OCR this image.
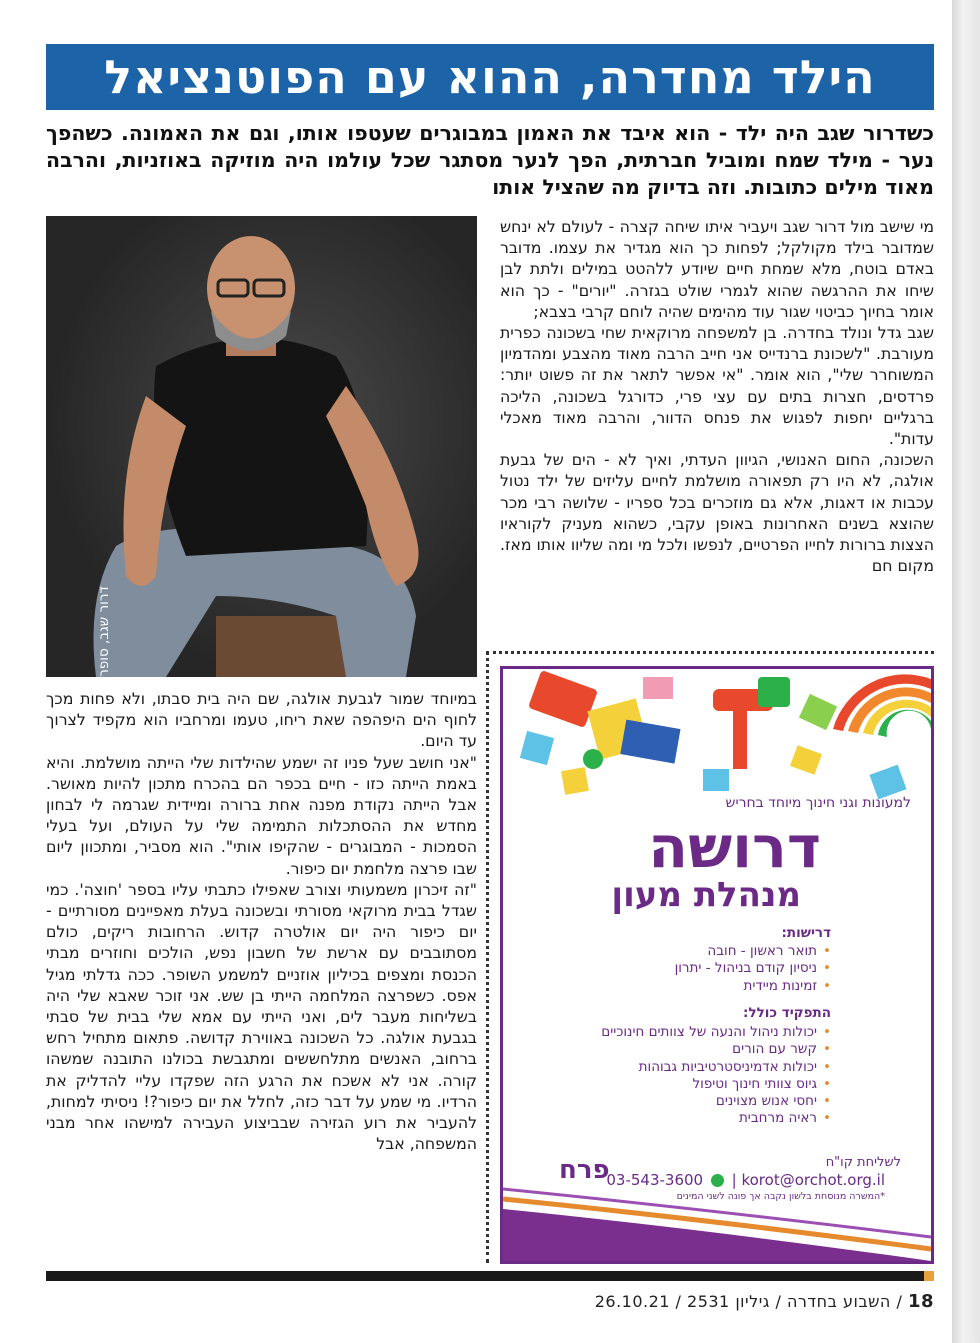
הילד מחדרה, ההוא עם הפוטנציאל
כשדרור שגב היה ילד - הוא איבד את האמון במבוגרים שעטפו אותו, וגם את האמונה. כשהפך נער - מילד שמח ומוביל חברתית, הפך לנער מסתגר שכל עולמו היה מוזיקה באוזניות, והרבה מאוד מילים כתובות. וזה בדיוק מה שהציל אותו
דרור שגב, סופר ומרצה. צילום: אלעד אקרמן

מי שישב מול דרור שגב ויעביר איתו שיחה קצרה - לעולם לא ינחש שמדובר בילד מקולקל; לפחות כך הוא מגדיר את עצמו. מדובר באדם בוטח, מלא שמחת חיים שיודע ללהטט במילים ולתת לבן שיחו את ההרגשה שהוא לגמרי שולט בגזרה. "יורים" - כך הוא אומר בחיוך כביטוי שגור עוד מהימים שהיה לוחם קרבי בצבא;

שגב גדל ונולד בחדרה. בן למשפחה מרוקאית שחי בשכונה כפרית מעורבת. "לשכונת ברנדייס אני חייב הרבה מאוד מהצבע ומהדמיון המשוחרר שלי", הוא אומר. "אי אפשר לתאר את זה פשוט יותר: פרדסים, חצרות בתים עם עצי פרי, כדורגל בשכונה, הליכה ברגליים יחפות לפגוש את פנחס הדוור, והרבה מאוד מאכלי עדות".

השכונה, החום האנושי, הגיוון העדתי, ואיך לא - הים של גבעת אולגה, לא היו רק תפאורה מושלמת לחיים עליזים של ילד נטול עכבות או דאגות, אלא גם מוזכרים בכל ספריו - שלושה רבי מכר שהוצא בשנים האחרונות באופן עקבי, כשהוא מעניק לקוראיו הצצות ברורות לחייו הפרטיים, לנפשו ולכל מי ומה שליוו אותו מאז. מקום חם

במיוחד שמור לגבעת אולגה, שם היה בית סבתו, ולא פחות מכך לחוף הים היפהפה שאת ריחו, טעמו ומרחביו הוא מקפיד לצרוך עד היום.

"אני חושב שעל פניו זה ישמע שהילדות שלי הייתה מושלמת. והיא באמת הייתה כזו - חיים בכפר הם בהכרח מתכון להיות מאושר. אבל הייתה נקודת מפנה אחת ברורה ומיידית שגרמה לי לבחון מחדש את ההסתכלות התמימה שלי על העולם, ועל בעלי הסמכות - המבוגרים - שהקיפו אותי". הוא מסביר, ומתכוון ליום שבו פרצה מלחמת יום כיפור.

"זה זיכרון משמעותי וצורב שאפילו כתבתי עליו בספר 'חוצה'. כמי שגדל בבית מרוקאי מסורתי ובשכונה בעלת מאפיינים מסורתיים - יום כיפור היה יום אולטרה קדוש. הרחובות ריקים, כולם מסתובבים עם ארשת של חשבון נפש, הולכים וחוזרים מבתי הכנסת ומצפים בכיליון אוזניים למשמע השופר. ככה גדלתי מגיל אפס. כשפרצה המלחמה הייתי בן שש. אני זוכר שאבא שלי היה בשליחות מעבר לים, ואני הייתי עם אמא שלי בבית של סבתי בגבעת אולגה. כל השכונה באווירת קדושה. פתאום מתחיל רחש ברחוב, האנשים מתלחששים ומתגבשת בכולנו התובנה שמשהו קורה. אני לא אשכח את הרגע הזה שפקדו עליי להדליק את הרדיו. מי שמע על דבר כזה, לחלל את יום כיפור?! ניסיתי למחות, להעביר את רוע הגזירה שבביצוע העבירה למישהו אחר מבני המשפחה, אבל

למעונות וגני חינוך מיוחד בחריש
דרושה
מנהלת מעון
דרישות:
• תואר ראשון - חובה
• ניסיון קודם בניהול - יתרון
• זמינות מיידית
התפקיד כולל:
• יכולות ניהול והנעה של צוותים חינוכיים
• קשר עם הורים
• יכולות אדמיניסטרטיביות גבוהות
• גיוס צוותי חינוך וטיפול
• יחסי אנוש מצוינים
• ראיה מרחבית
לשליחת קו"ח
03-543-3600  | korot@orchot.org.il
*המשרה מנוסחת בלשון נקבה אך פונה לשני המינים
פרח
18 / השבוע בחדרה / גיליון 2531 / 26.10.21
